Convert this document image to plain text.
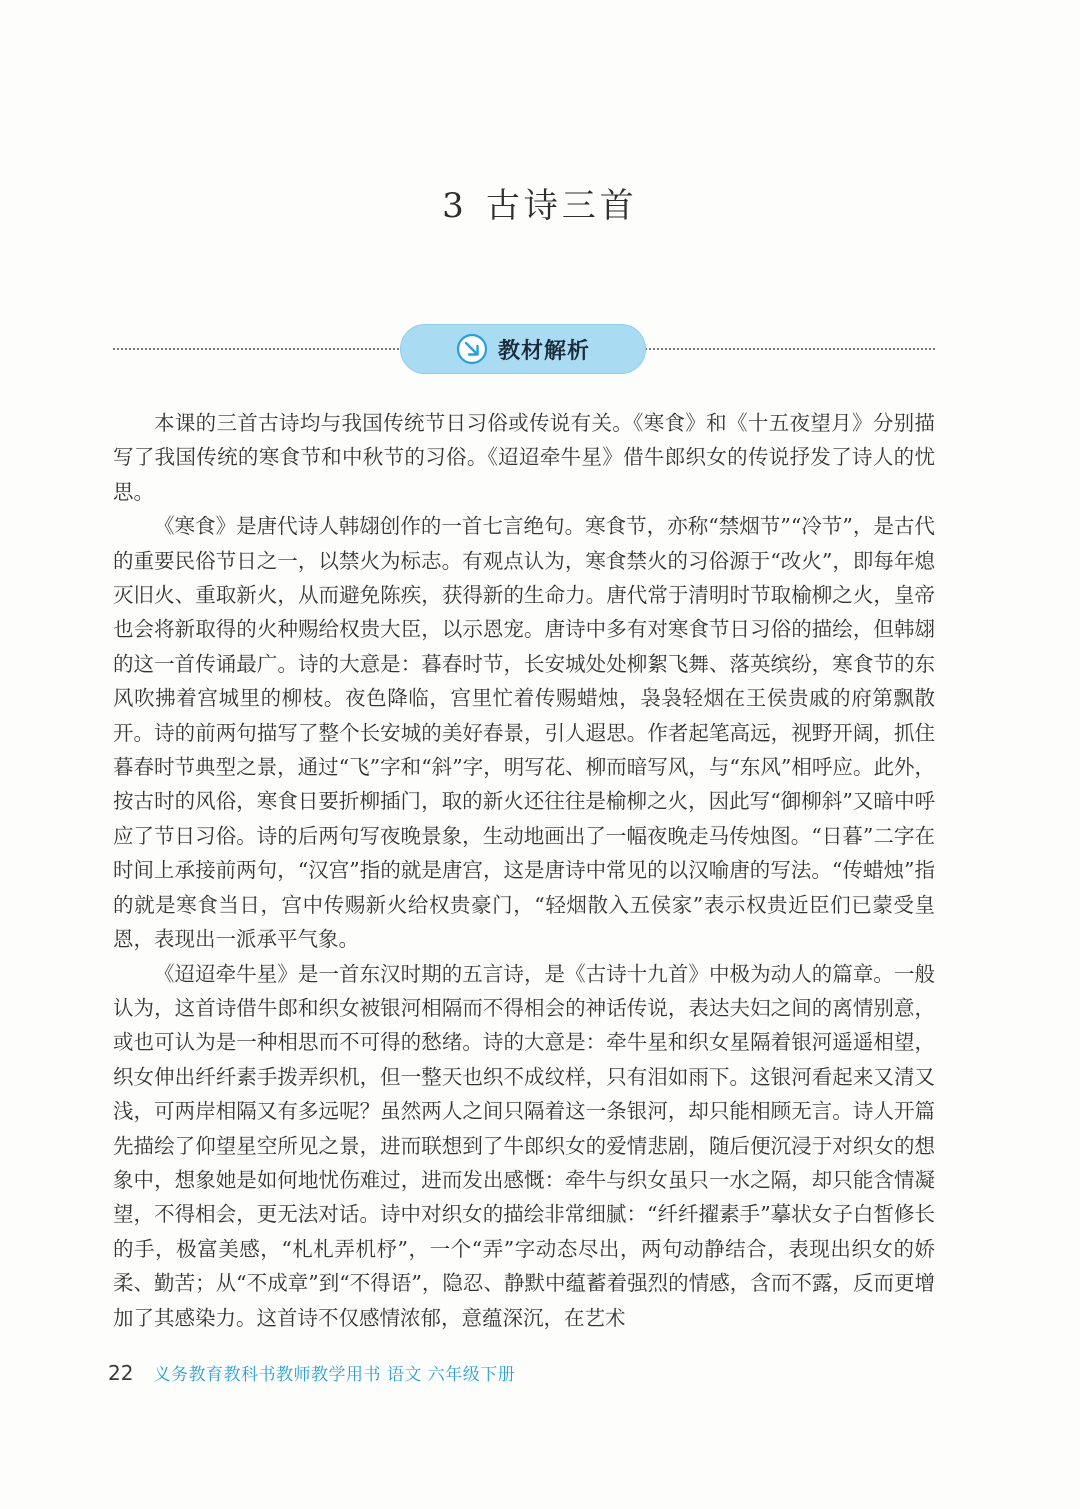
3 古诗三首
教材解析

本课的三首古诗均与我国传统节日习俗或传说有关。《寒食》和《十五夜望月》分别描写了我国传统的寒食节和中秋节的习俗。《迢迢牵牛星》借牛郎织女的传说抒发了诗人的忧思。

《寒食》是唐代诗人韩翃创作的一首七言绝句。寒食节，亦称“禁烟节”“冷节”，是古代的重要民俗节日之一，以禁火为标志。有观点认为，寒食禁火的习俗源于“改火”，即每年熄灭旧火、重取新火，从而避免陈疾，获得新的生命力。唐代常于清明时节取榆柳之火，皇帝也会将新取得的火种赐给权贵大臣，以示恩宠。唐诗中多有对寒食节日习俗的描绘，但韩翃的这一首传诵最广。诗的大意是：暮春时节，长安城处处柳絮飞舞、落英缤纷，寒食节的东风吹拂着宫城里的柳枝。夜色降临，宫里忙着传赐蜡烛，袅袅轻烟在王侯贵戚的府第飘散开。诗的前两句描写了整个长安城的美好春景，引人遐思。作者起笔高远，视野开阔，抓住暮春时节典型之景，通过“飞”字和“斜”字，明写花、柳而暗写风，与“东风”相呼应。此外，按古时的风俗，寒食日要折柳插门，取的新火还往往是榆柳之火，因此写“御柳斜”又暗中呼应了节日习俗。诗的后两句写夜晚景象，生动地画出了一幅夜晚走马传烛图。“日暮”二字在时间上承接前两句，“汉宫”指的就是唐宫，这是唐诗中常见的以汉喻唐的写法。“传蜡烛”指的就是寒食当日，宫中传赐新火给权贵豪门，“轻烟散入五侯家”表示权贵近臣们已蒙受皇恩，表现出一派承平气象。

《迢迢牵牛星》是一首东汉时期的五言诗，是《古诗十九首》中极为动人的篇章。一般认为，这首诗借牛郎和织女被银河相隔而不得相会的神话传说，表达夫妇之间的离情别意，或也可认为是一种相思而不可得的愁绪。诗的大意是：牵牛星和织女星隔着银河遥遥相望，织女伸出纤纤素手拨弄织机，但一整天也织不成纹样，只有泪如雨下。这银河看起来又清又浅，可两岸相隔又有多远呢？虽然两人之间只隔着这一条银河，却只能相顾无言。诗人开篇先描绘了仰望星空所见之景，进而联想到了牛郎织女的爱情悲剧，随后便沉浸于对织女的想象中，想象她是如何地忧伤难过，进而发出感慨：牵牛与织女虽只一水之隔，却只能含情凝望，不得相会，更无法对话。诗中对织女的描绘非常细腻：“纤纤擢素手”摹状女子白皙修长的手，极富美感，“札札弄机杼”，一个“弄”字动态尽出，两句动静结合，表现出织女的娇柔、勤苦；从“不成章”到“不得语”，隐忍、静默中蕴蓄着强烈的情感，含而不露，反而更增加了其感染力。这首诗不仅感情浓郁，意蕴深沉，在艺术

22 义务教育教科书教师教学用书 语文 六年级下册
